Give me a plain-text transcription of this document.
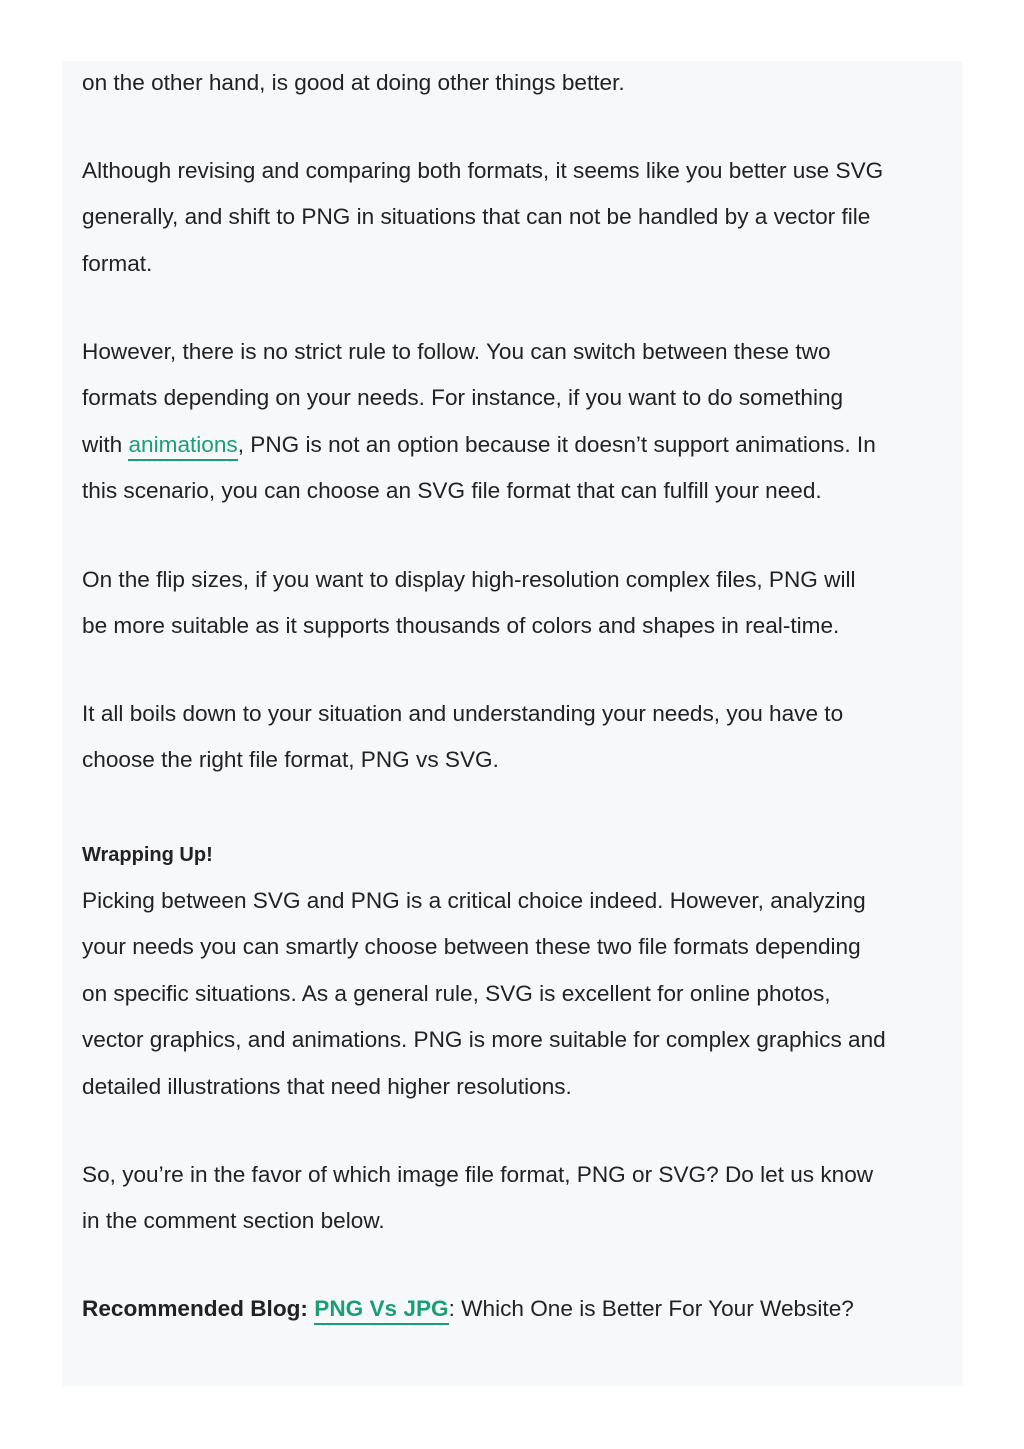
on the other hand, is good at doing other things better.

Although revising and comparing both formats, it seems like you better use SVG
generally, and shift to PNG in situations that can not be handled by a vector file
format.

However, there is no strict rule to follow. You can switch between these two
formats depending on your needs. For instance, if you want to do something
with animations, PNG is not an option because it doesn’t support animations. In
this scenario, you can choose an SVG file format that can fulfill your need.

On the flip sizes, if you want to display high-resolution complex files, PNG will
be more suitable as it supports thousands of colors and shapes in real-time.

It all boils down to your situation and understanding your needs, you have to
choose the right file format, PNG vs SVG.

Wrapping Up!

Picking between SVG and PNG is a critical choice indeed. However, analyzing
your needs you can smartly choose between these two file formats depending
on specific situations. As a general rule, SVG is excellent for online photos,
vector graphics, and animations. PNG is more suitable for complex graphics and
detailed illustrations that need higher resolutions.

So, you’re in the favor of which image file format, PNG or SVG? Do let us know
in the comment section below.

Recommended Blog: PNG Vs JPG: Which One is Better For Your Website?
